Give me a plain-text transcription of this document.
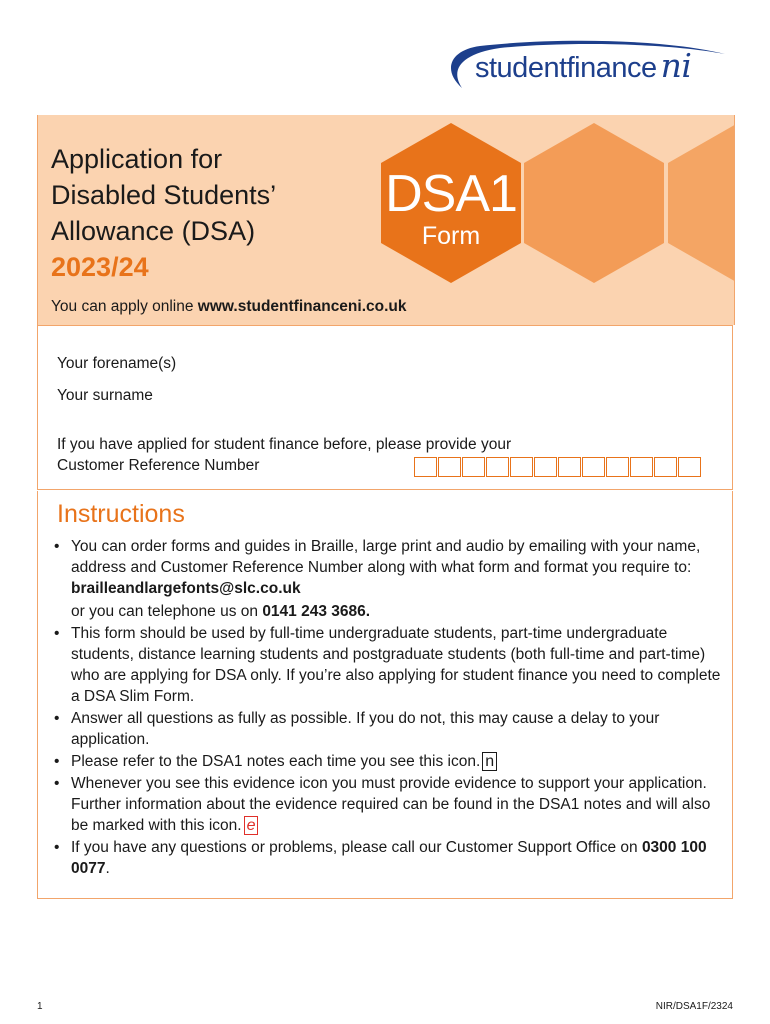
studentfinance ni
Application for
Disabled Students’
Allowance (DSA)
2023/24
DSA1
Form
You can apply online www.studentfinanceni.co.uk
Your forename(s)
Your surname
If you have applied for student finance before, please provide your
Customer Reference Number
Instructions
• You can order forms and guides in Braille, large print and audio by emailing with your name, address and Customer Reference Number along with what form and format you require to: brailleandlargefonts@slc.co.uk
or you can telephone us on 0141 243 3686.
• This form should be used by full-time undergraduate students, part-time undergraduate students, distance learning students and postgraduate students (both full-time and part-time) who are applying for DSA only. If you’re also applying for student finance you need to complete a DSA Slim Form.
• Answer all questions as fully as possible. If you do not, this may cause a delay to your application.
• Please refer to the DSA1 notes each time you see this icon. n
• Whenever you see this evidence icon you must provide evidence to support your application. Further information about the evidence required can be found in the DSA1 notes and will also be marked with this icon. e
• If you have any questions or problems, please call our Customer Support Office on 0300 100 0077.
1	NIR/DSA1F/2324
